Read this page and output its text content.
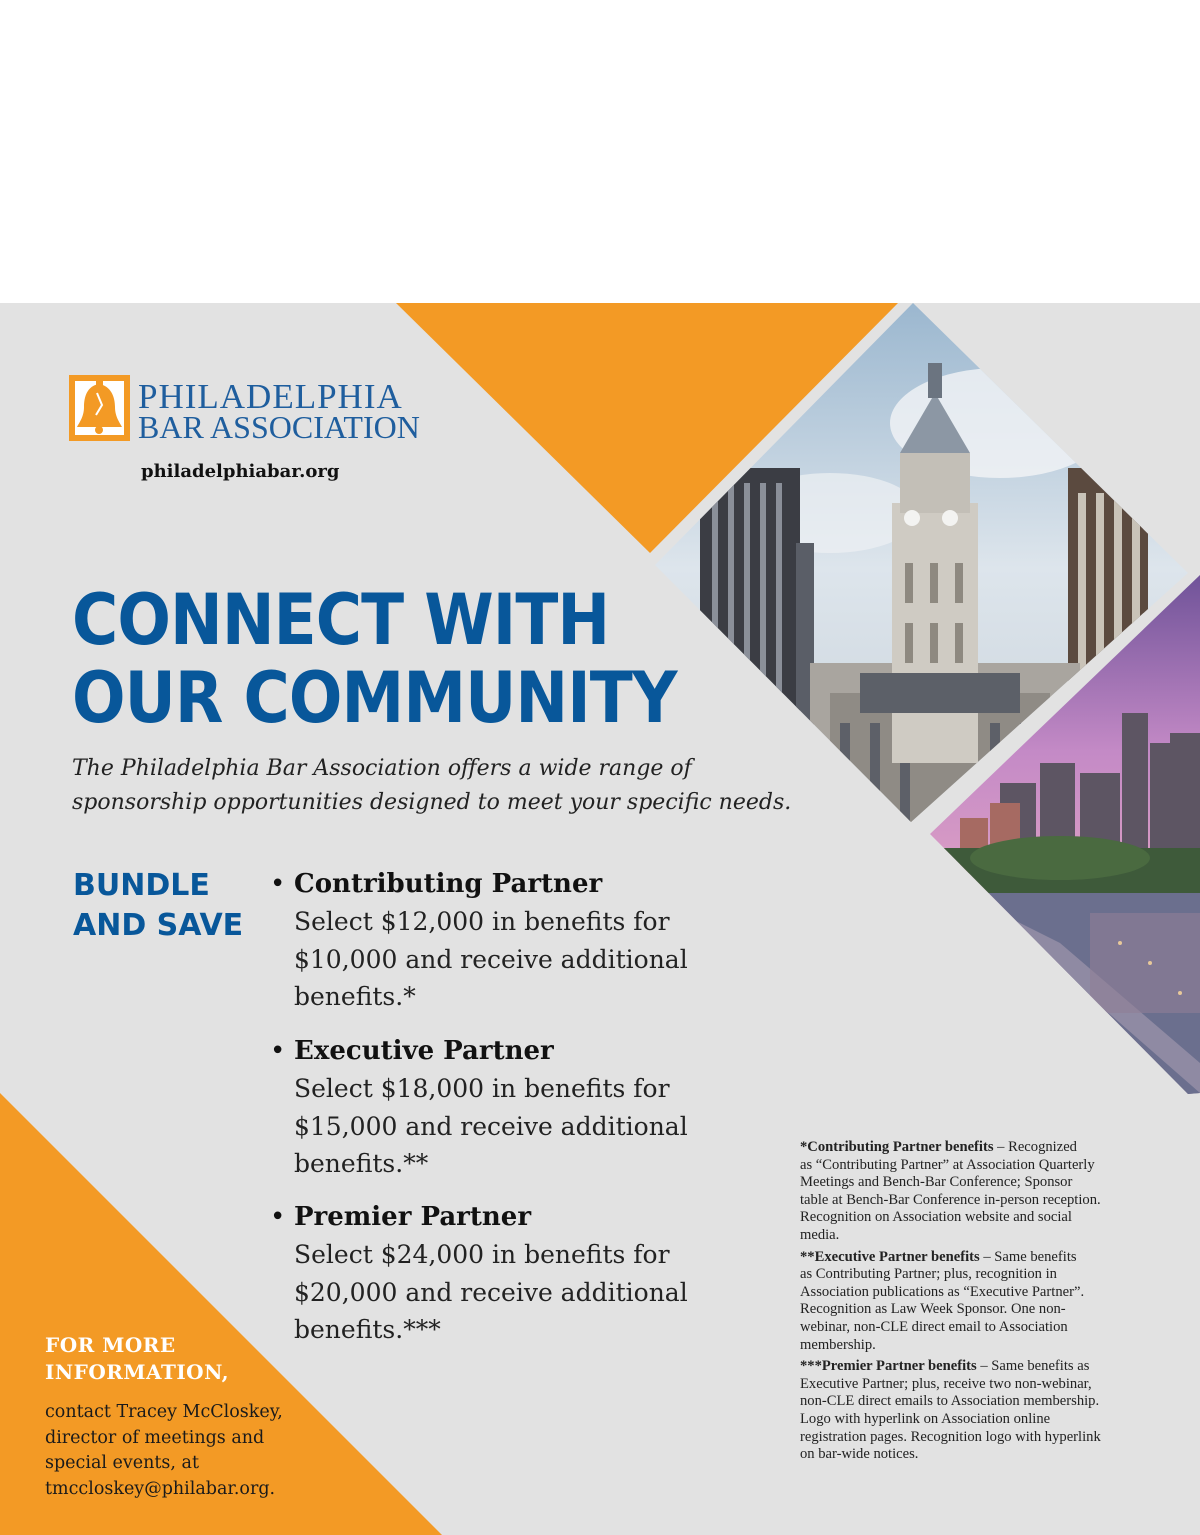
PHILADELPHIA
BAR ASSOCIATION
philadelphiabar.org
CONNECT WITH
OUR COMMUNITY

The Philadelphia Bar Association offers a wide range of
sponsorship opportunities designed to meet your specific needs.

BUNDLE
AND SAVE
• Contributing Partner
Select $12,000 in benefits for
$10,000 and receive additional
benefits.*
• Executive Partner
Select $18,000 in benefits for
$15,000 and receive additional
benefits.**
• Premier Partner
Select $24,000 in benefits for
$20,000 and receive additional
benefits.***
FOR MORE
INFORMATION,
contact Tracey McCloskey,
director of meetings and
special events, at
tmccloskey@philabar.org.

*Contributing Partner benefits – Recognized
as “Contributing Partner” at Association Quarterly
Meetings and Bench-Bar Conference; Sponsor
table at Bench-Bar Conference in-person reception.
Recognition on Association website and social
media.

**Executive Partner benefits – Same benefits
as Contributing Partner; plus, recognition in
Association publications as “Executive Partner”.
Recognition as Law Week Sponsor. One non-
webinar, non-CLE direct email to Association
membership.

***Premier Partner benefits – Same benefits as
Executive Partner; plus, receive two non-webinar,
non-CLE direct emails to Association membership.
Logo with hyperlink on Association online
registration pages. Recognition logo with hyperlink
on bar-wide notices.
